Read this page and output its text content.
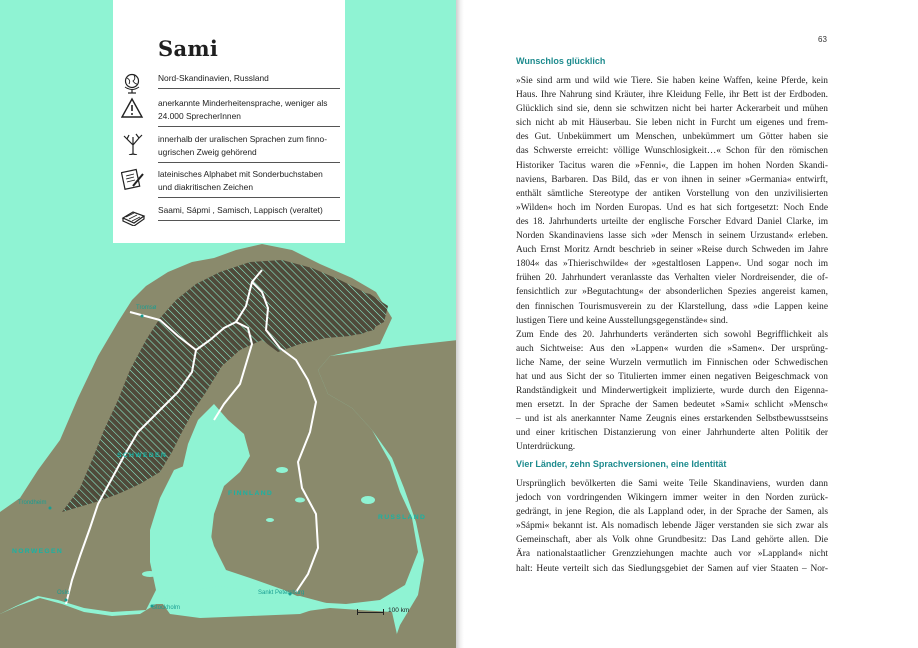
SCHWEDEN
FINNLAND
RUSSLAND
NORWEGEN
Tromsø
Trondheim
Oslo
Stockholm
Sankt Petersburg
100 km
Sami
Nord-Skandinavien, Russland
anerkannte Minderheitensprache, weniger als
24.000 SprecherInnen
innerhalb der uralischen Sprachen zum finno-
ugrischen Zweig gehörend
lateinisches Alphabet mit Sonderbuchstaben
und diakritischen Zeichen
Saami, Sápmi , Samisch, Lappisch (veraltet)
63
Wunschlos glücklich

»Sie sind arm und wild wie Tiere. Sie haben keine Waffen, keine Pferde, kein
Haus. Ihre Nahrung sind Kräuter, ihre Kleidung Felle, ihr Bett ist der Erdboden.
Glücklich sind sie, denn sie schwitzen nicht bei harter Ackerarbeit und mühen
sich nicht ab mit Häuserbau. Sie leben nicht in Furcht um eigenes und frem-
des Gut. Unbekümmert um Menschen, unbekümmert um Götter haben sie
das Schwerste erreicht: völlige Wunschlosigkeit…« Schon für den römischen
Historiker Tacitus waren die »Fenni«, die Lappen im hohen Norden Skandi-
naviens, Barbaren. Das Bild, das er von ihnen in seiner »Germania« entwirft,
enthält sämtliche Stereotype der antiken Vorstellung von den unzivilisierten
»Wilden« hoch im Norden Europas. Und es hat sich fortgesetzt: Noch Ende
des 18. Jahrhunderts urteilte der englische Forscher Edvard Daniel Clarke, im
Norden Skandinaviens lasse sich »der Mensch in seinem Urzustand« erleben.
Auch Ernst Moritz Arndt beschrieb in seiner »Reise durch Schweden im Jahre
1804« das »Thierischwilde« der »gestaltlosen Lappen«. Und sogar noch im
frühen 20. Jahrhundert veranlasste das Verhalten vieler Nordreisender, die of-
fensichtlich zur »Begutachtung« der absonderlichen Spezies angereist kamen,
den finnischen Tourismusverein zu der Klarstellung, dass »die Lappen keine
lustigen Tiere und keine Ausstellungsgegenstände« sind.

Zum Ende des 20. Jahrhunderts veränderten sich sowohl Begrifflichkeit als
auch Sichtweise: Aus den »Lappen« wurden die »Samen«. Der ursprüng-
liche Name, der seine Wurzeln vermutlich im Finnischen oder Schwedischen
hat und aus Sicht der so Titulierten immer einen negativen Beigeschmack von
Randständigkeit und Minderwertigkeit implizierte, wurde durch den Eigenna-
men ersetzt. In der Sprache der Samen bedeutet »Sami« schlicht »Mensch«
– und ist als anerkannter Name Zeugnis eines erstarkenden Selbstbewusstseins
und einer kritischen Distanzierung von einer Jahrhunderte alten Politik der
Unterdrückung.

Vier Länder, zehn Sprachversionen, eine Identität

Ursprünglich bevölkerten die Sami weite Teile Skandinaviens, wurden dann
jedoch von vordringenden Wikingern immer weiter in den Norden zurück-
gedrängt, in jene Region, die als Lappland oder, in der Sprache der Samen, als
»Sápmi« bekannt ist. Als nomadisch lebende Jäger verstanden sie sich zwar als
Gemeinschaft, aber als Volk ohne Grundbesitz: Das Land gehörte allen. Die
Ära nationalstaatlicher Grenzziehungen machte auch vor »Lappland« nicht
halt: Heute verteilt sich das Siedlungsgebiet der Samen auf vier Staaten – Nor-
